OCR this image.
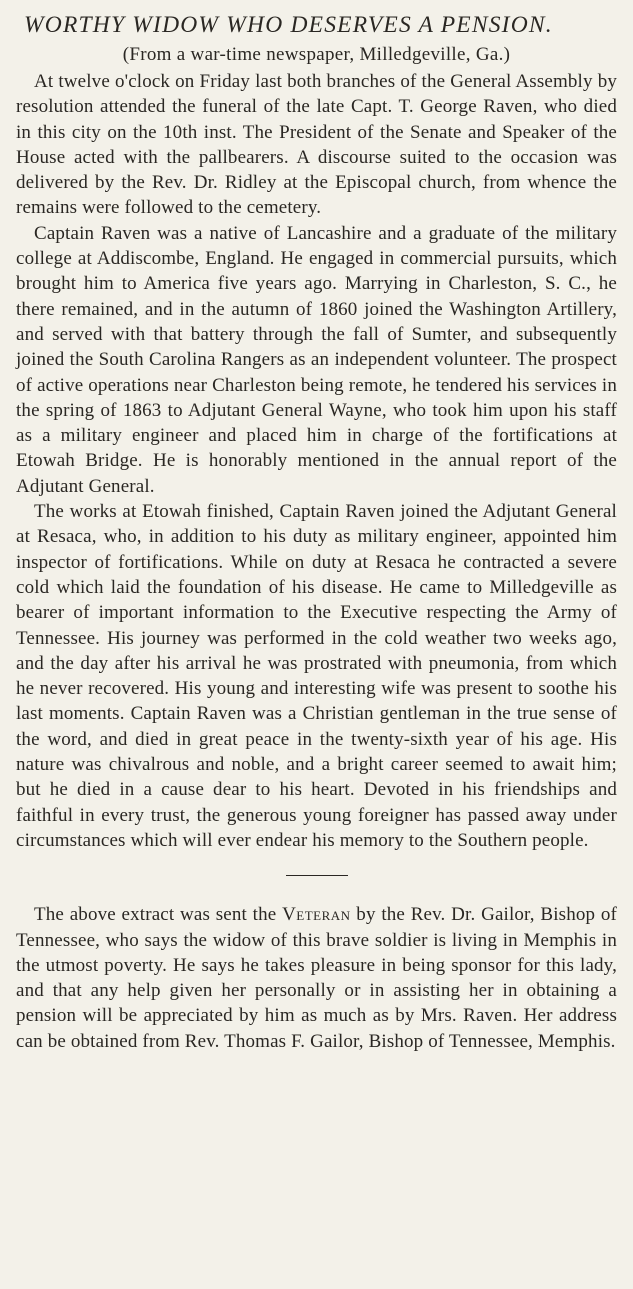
WORTHY WIDOW WHO DESERVES A PENSION.

(From a war-time newspaper, Milledgeville, Ga.)

At twelve o'clock on Friday last both branches of the General Assembly by resolution attended the funeral of the late Capt. T. George Raven, who died in this city on the 10th inst. The President of the Senate and Speaker of the House acted with the pallbearers. A discourse suited to the occasion was delivered by the Rev. Dr. Ridley at the Episcopal church, from whence the remains were followed to the cemetery.

Captain Raven was a native of Lancashire and a graduate of the military college at Addiscombe, England. He engaged in commercial pursuits, which brought him to America five years ago. Marrying in Charleston, S. C., he there remained, and in the autumn of 1860 joined the Washington Artillery, and served with that battery through the fall of Sumter, and subsequently joined the South Carolina Rangers as an independent volunteer. The prospect of active operations near Charleston being remote, he tendered his services in the spring of 1863 to Adjutant General Wayne, who took him upon his staff as a military engineer and placed him in charge of the fortifications at Etowah Bridge. He is honorably mentioned in the annual report of the Adjutant General.

The works at Etowah finished, Captain Raven joined the Adjutant General at Resaca, who, in addition to his duty as military engineer, appointed him inspector of fortifications. While on duty at Resaca he contracted a severe cold which laid the foundation of his disease. He came to Milledgeville as bearer of important information to the Executive respecting the Army of Tennessee. His journey was performed in the cold weather two weeks ago, and the day after his arrival he was prostrated with pneumonia, from which he never recovered. His young and interesting wife was present to soothe his last moments. Captain Raven was a Christian gentleman in the true sense of the word, and died in great peace in the twenty-sixth year of his age. His nature was chivalrous and noble, and a bright career seemed to await him; but he died in a cause dear to his heart. Devoted in his friendships and faithful in every trust, the generous young foreigner has passed away under circumstances which will ever endear his memory to the Southern people.

The above extract was sent the Veteran by the Rev. Dr. Gailor, Bishop of Tennessee, who says the widow of this brave soldier is living in Memphis in the utmost poverty. He says he takes pleasure in being sponsor for this lady, and that any help given her personally or in assisting her in obtaining a pension will be appreciated by him as much as by Mrs. Raven. Her address can be obtained from Rev. Thomas F. Gailor, Bishop of Tennessee, Memphis.
